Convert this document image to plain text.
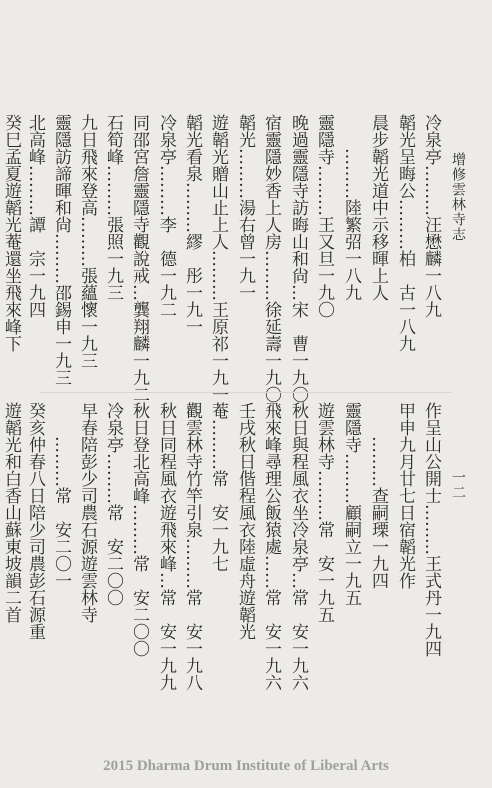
增修雲林寺志
一二
冷泉亭………汪懋麟一八九
韜光呈晦公………柏　古一八九
晨步韜光道中示移暉上人
………陸繁弨一八九
靈隱寺………王又旦一九〇
晚過靈隱寺訪晦山和尙…宋　曹一九〇
宿靈隱妙香上人房………徐延壽一九〇
韜光………湯右曾一九一
遊韜光贈山止上人………王原祁一九一
韜光看泉………繆　彤一九一
冷泉亭………李　德一九二
同邵宮詹靈隱寺觀說戒…龔翔麟一九二
石筍峰………張照一九三
九日飛來登高………張蘊懷一九三
靈隱訪諦暉和尙………邵錫申一九三
北高峰………譚　宗一九四
癸巳孟夏遊韜光菴還坐飛來峰下
作呈山公開士………王式丹一九四
甲申九月廿七日宿韜光作
………查嗣瑮一九四
靈隱寺………顧嗣立一九五
遊雲林寺………常　安一九五
秋日與程風衣坐冷泉亭…常　安一九六
飛來峰尋理公飯猿處……常　安一九六
壬戌秋日偕程風衣陸虛舟遊韜光
菴………常　安一九七
觀雲林寺竹竿引泉………常　安一九八
秋日同程風衣遊飛來峰…常　安一九九
秋日登北高峰………常　安二〇〇
冷泉亭………常　安二〇〇
早春陪彭少司農石源遊雲林寺
………常　安二〇一
癸亥仲春八日陪少司農彭石源重
遊韜光和白香山蘇東坡韻二首
2015 Dharma Drum Institute of Liberal Arts
